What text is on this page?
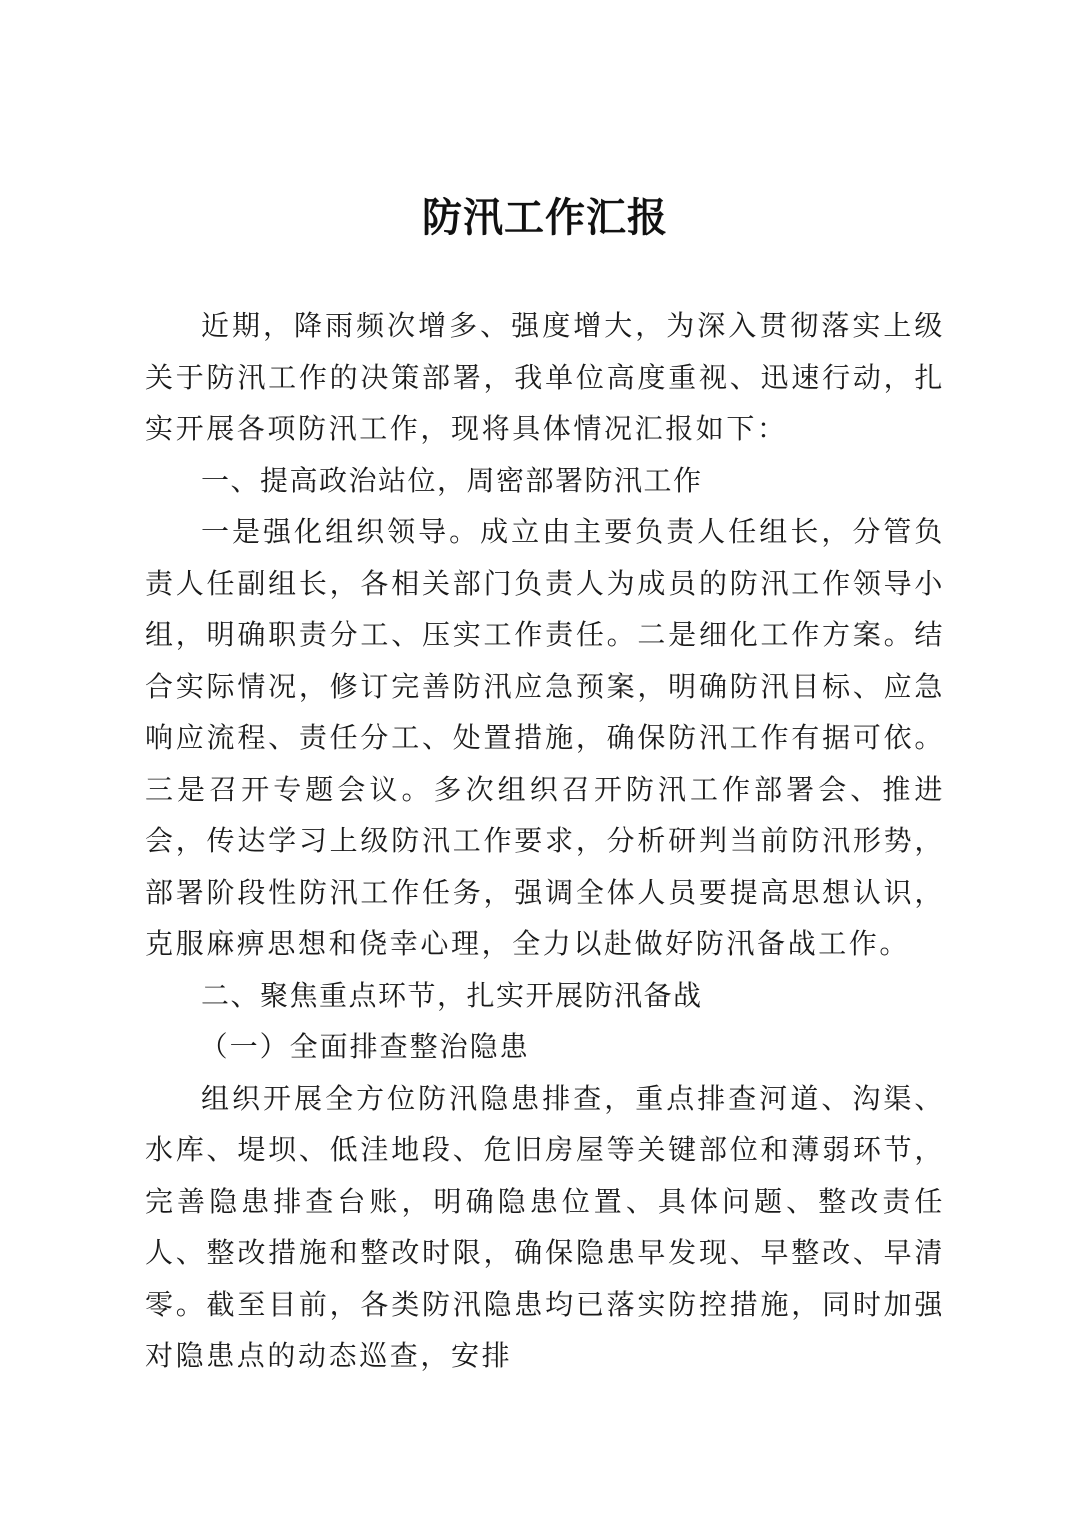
防汛工作汇报

近期，降雨频次增多、强度增大，为深入贯彻落实上级关于防汛工作的决策部署，我单位高度重视、迅速行动，扎实开展各项防汛工作，现将具体情况汇报如下：

一、提高政治站位，周密部署防汛工作

一是强化组织领导。成立由主要负责人任组长，分管负责人任副组长，各相关部门负责人为成员的防汛工作领导小组，明确职责分工、压实工作责任。二是细化工作方案。结合实际情况，修订完善防汛应急预案，明确防汛目标、应急响应流程、责任分工、处置措施，确保防汛工作有据可依。三是召开专题会议。多次组织召开防汛工作部署会、推进会，传达学习上级防汛工作要求，分析研判当前防汛形势，部署阶段性防汛工作任务，强调全体人员要提高思想认识，克服麻痹思想和侥幸心理，全力以赴做好防汛备战工作。

二、聚焦重点环节，扎实开展防汛备战

（一）全面排查整治隐患

组织开展全方位防汛隐患排查，重点排查河道、沟渠、水库、堤坝、低洼地段、危旧房屋等关键部位和薄弱环节，完善隐患排查台账，明确隐患位置、具体问题、整改责任人、整改措施和整改时限，确保隐患早发现、早整改、早清零。截至目前，各类防汛隐患均已落实防控措施，同时加强对隐患点的动态巡查，安排
